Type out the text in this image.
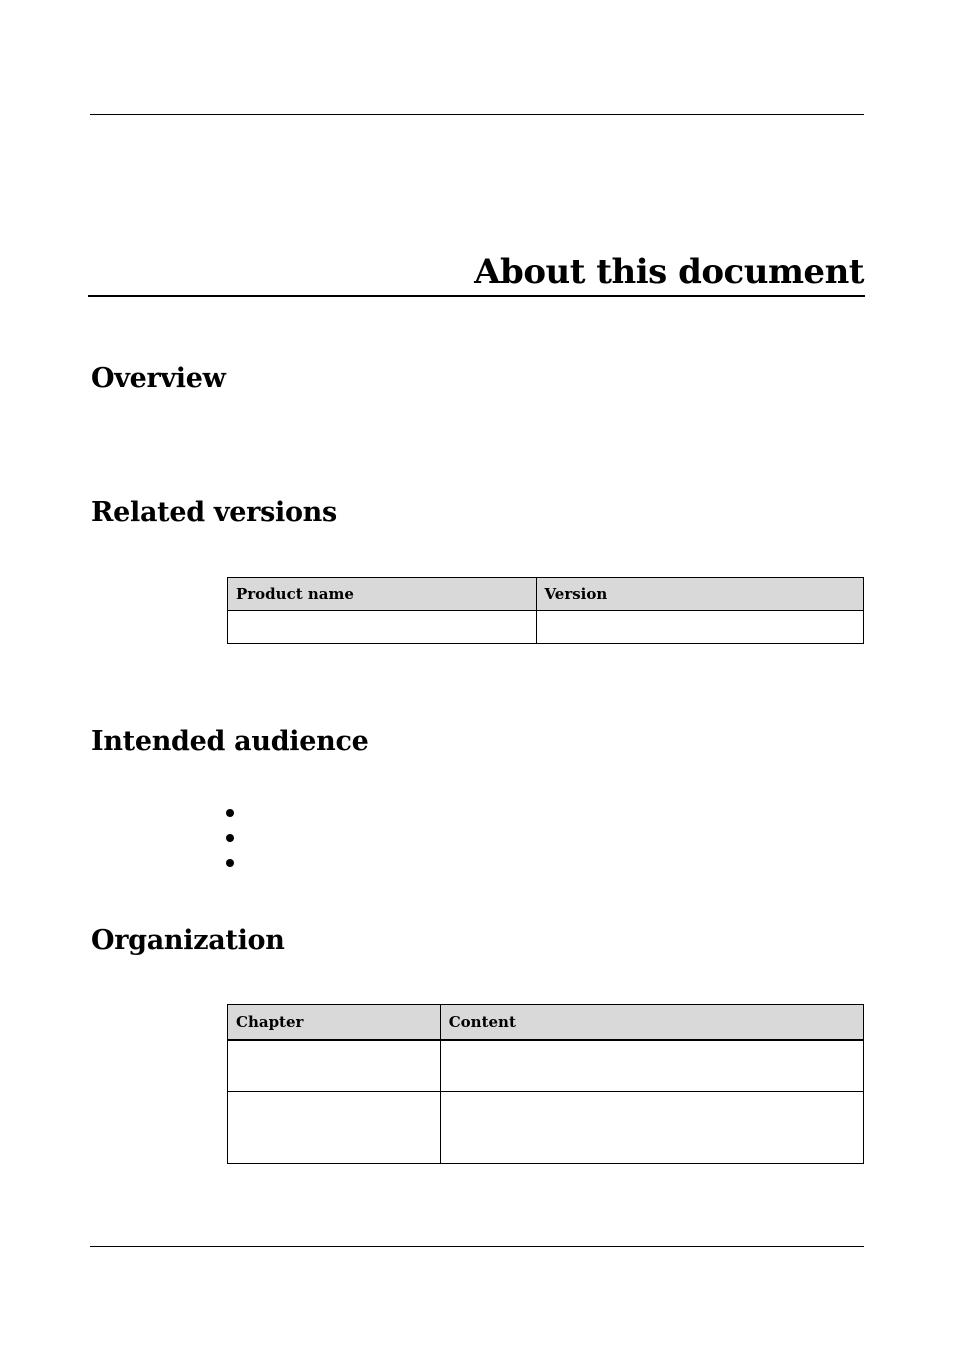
About this document
Overview
Related versions
Product name	Version

Intended audience
Organization
Chapter	Content
